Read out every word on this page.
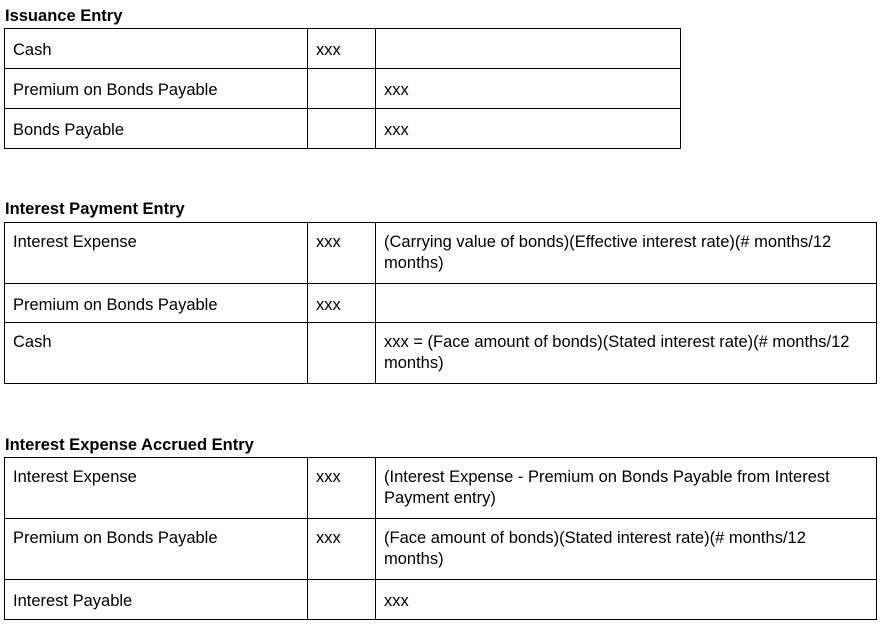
Issuance Entry
Cash	xxx	

Premium on Bonds Payable		xxx

Bonds Payable		xxx
Interest Payment Entry
Interest Expense	xxx	(Carrying value of bonds)(Effective interest rate)(# months/12 months)

Premium on Bonds Payable	xxx	

Cash		xxx = (Face amount of bonds)(Stated interest rate)(# months/12 months)
Interest Expense Accrued Entry
Interest Expense	xxx	(Interest Expense - Premium on Bonds Payable from Interest Payment entry)

Premium on Bonds Payable	xxx	(Face amount of bonds)(Stated interest rate)(# months/12 months)

Interest Payable		xxx
